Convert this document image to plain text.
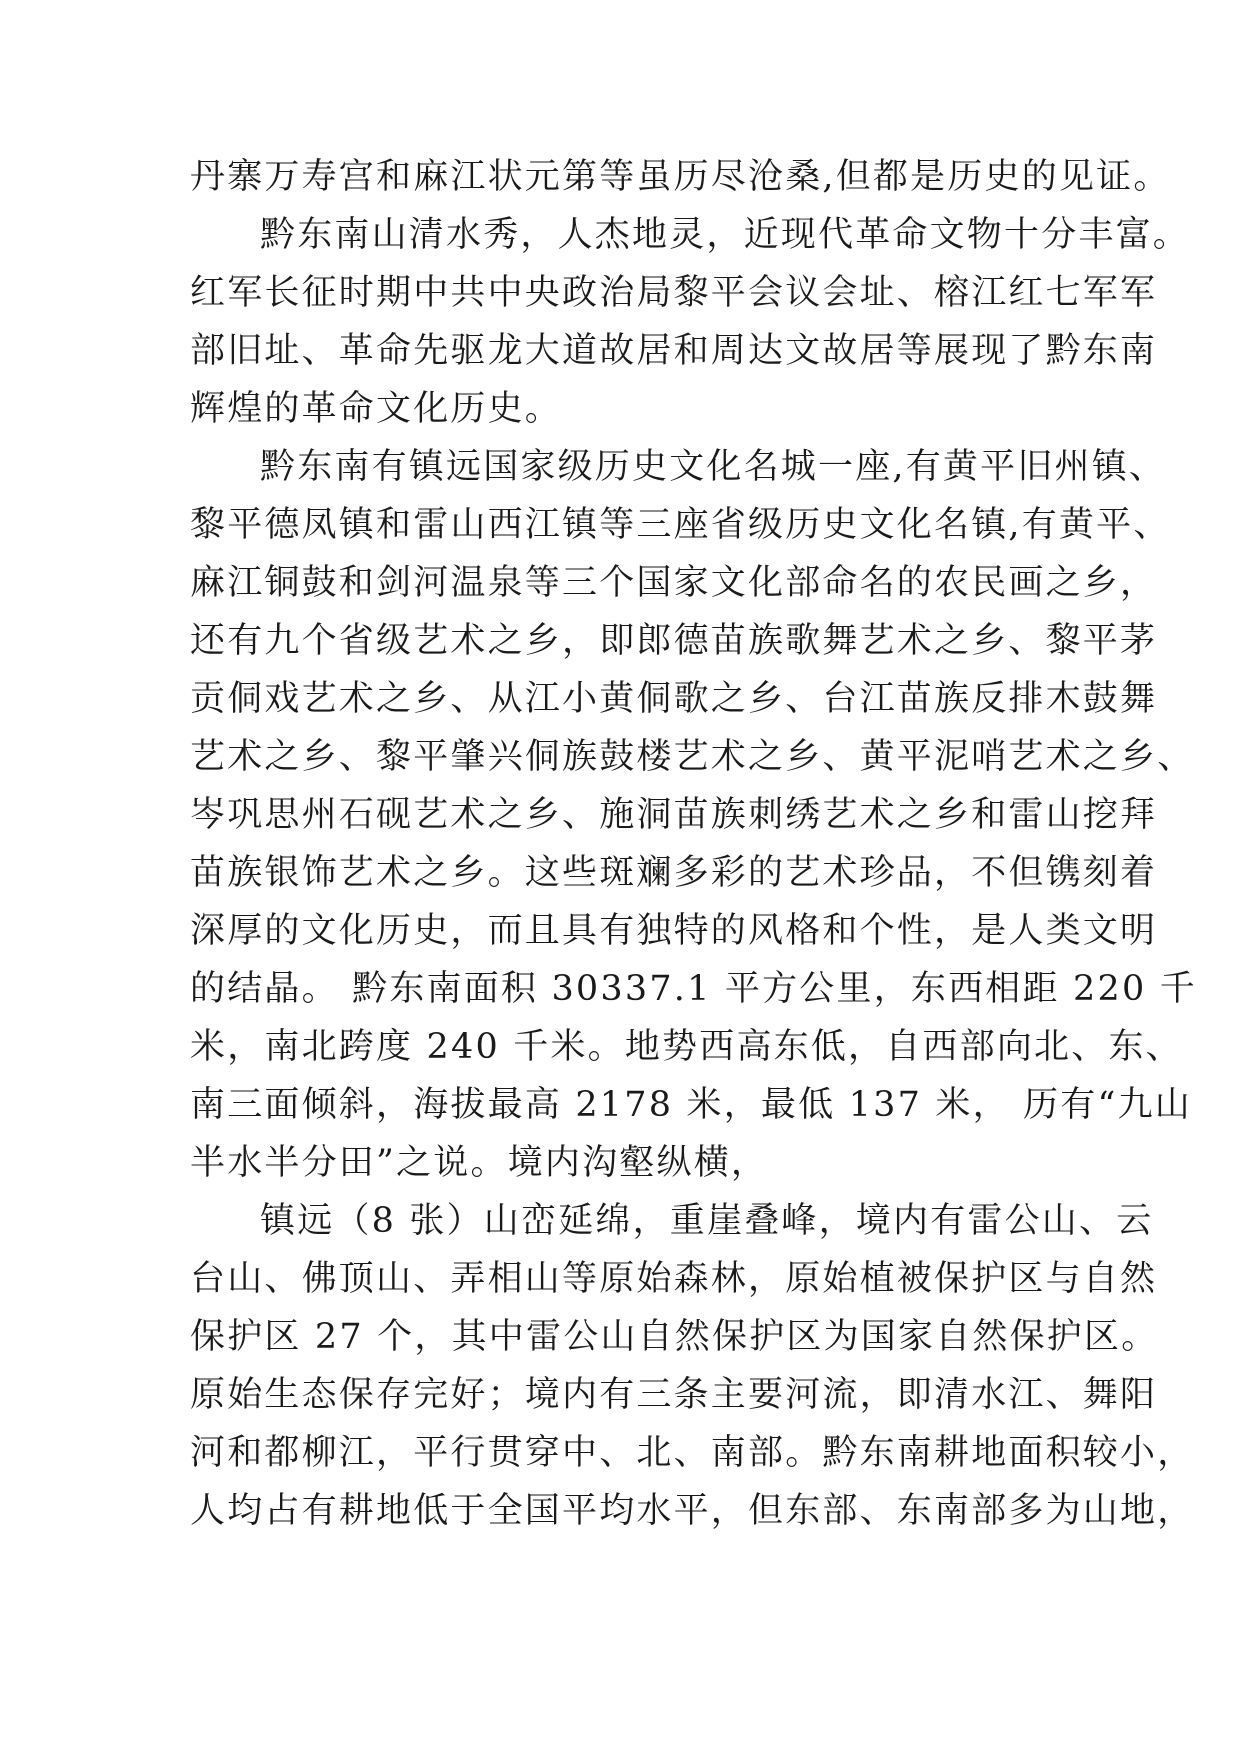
丹寨万寿宫和麻江状元第等虽历尽沧桑,但都是历史的见证。
黔东南山清水秀，人杰地灵，近现代革命文物十分丰富。
红军长征时期中共中央政治局黎平会议会址、榕江红七军军
部旧址、革命先驱龙大道故居和周达文故居等展现了黔东南
辉煌的革命文化历史。
黔东南有镇远国家级历史文化名城一座,有黄平旧州镇、
黎平德凤镇和雷山西江镇等三座省级历史文化名镇,有黄平、
麻江铜鼓和剑河温泉等三个国家文化部命名的农民画之乡，
还有九个省级艺术之乡，即郎德苗族歌舞艺术之乡、黎平茅
贡侗戏艺术之乡、从江小黄侗歌之乡、台江苗族反排木鼓舞
艺术之乡、黎平肇兴侗族鼓楼艺术之乡、黄平泥哨艺术之乡、
岑巩思州石砚艺术之乡、施洞苗族刺绣艺术之乡和雷山挖拜
苗族银饰艺术之乡。这些斑斓多彩的艺术珍品，不但镌刻着
深厚的文化历史，而且具有独特的风格和个性，是人类文明
的结晶。 黔东南面积 30337.1 平方公里，东西相距 220 千
米，南北跨度 240 千米。地势西高东低，自西部向北、东、
南三面倾斜，海拔最高 2178 米，最低 137 米， 历有“九山
半水半分田”之说。境内沟壑纵横，
镇远（8 张）山峦延绵，重崖叠峰，境内有雷公山、云
台山、佛顶山、弄相山等原始森林，原始植被保护区与自然
保护区 27 个，其中雷公山自然保护区为国家自然保护区。
原始生态保存完好；境内有三条主要河流，即清水江、舞阳
河和都柳江，平行贯穿中、北、南部。黔东南耕地面积较小，
人均占有耕地低于全国平均水平，但东部、东南部多为山地，
